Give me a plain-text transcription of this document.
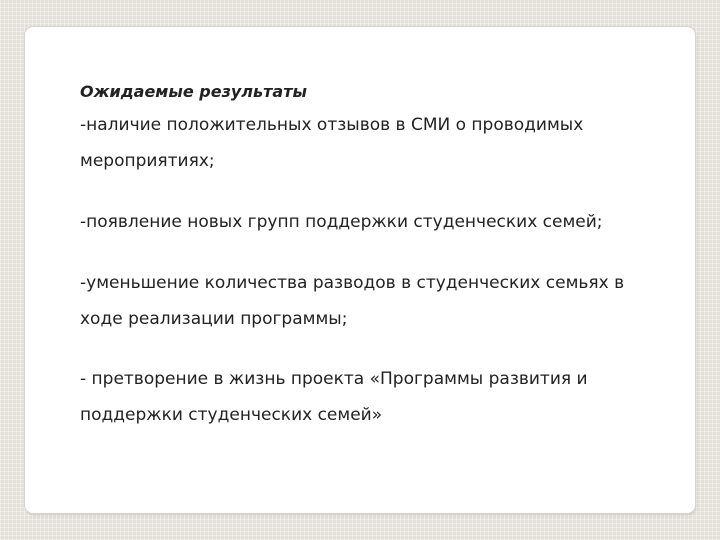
Ожидаемые результаты

-наличие положительных отзывов в СМИ о проводимых мероприятиях;

-появление новых групп поддержки студенческих семей;

-уменьшение количества разводов в студенческих семьях в ходе реализации программы;

- претворение в жизнь проекта «Программы развития и поддержки студенческих семей»
